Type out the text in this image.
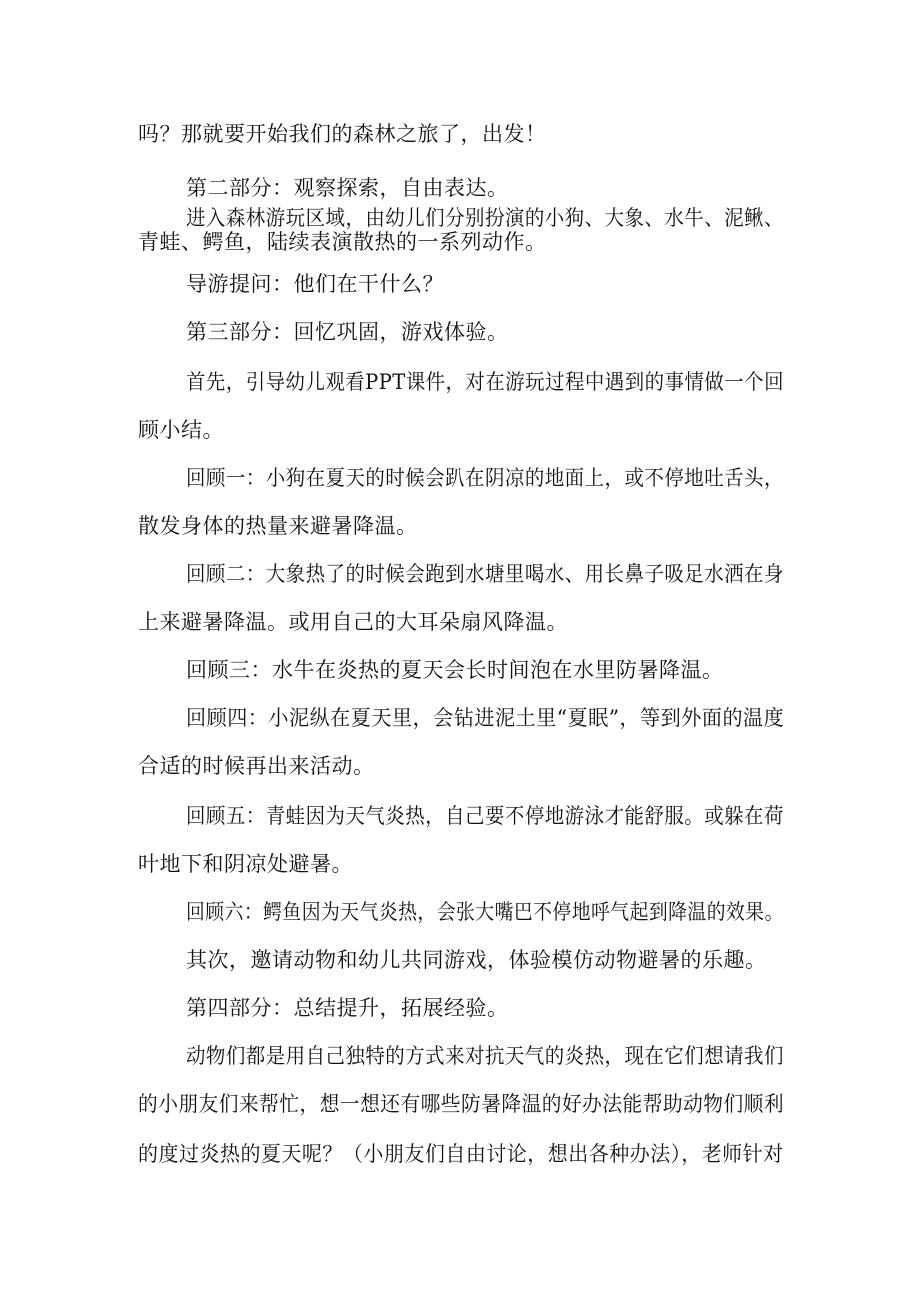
吗？那就要开始我们的森林之旅了，出发！
第二部分：观察探索，自由表达。
进入森林游玩区域，由幼儿们分别扮演的小狗、大象、水牛、泥鳅、
青蛙、鳄鱼，陆续表演散热的一系列动作。
导游提问：他们在干什么？
第三部分：回忆巩固，游戏体验。
首先，引导幼儿观看PPT课件，对在游玩过程中遇到的事情做一个回
顾小结。
回顾一：小狗在夏天的时候会趴在阴凉的地面上，或不停地吐舌头，
散发身体的热量来避暑降温。
回顾二：大象热了的时候会跑到水塘里喝水、用长鼻子吸足水洒在身
上来避暑降温。或用自己的大耳朵扇风降温。
回顾三：水牛在炎热的夏天会长时间泡在水里防暑降温。
回顾四：小泥纵在夏天里，会钻进泥土里“夏眠”，等到外面的温度
合适的时候再出来活动。
回顾五：青蛙因为天气炎热，自己要不停地游泳才能舒服。或躲在荷
叶地下和阴凉处避暑。
回顾六：鳄鱼因为天气炎热，会张大嘴巴不停地呼气起到降温的效果。
其次，邀请动物和幼儿共同游戏，体验模仿动物避暑的乐趣。
第四部分：总结提升，拓展经验。
动物们都是用自己独特的方式来对抗天气的炎热，现在它们想请我们
的小朋友们来帮忙，想一想还有哪些防暑降温的好办法能帮助动物们顺利
的度过炎热的夏天呢？（小朋友们自由讨论，想出各种办法），老师针对
